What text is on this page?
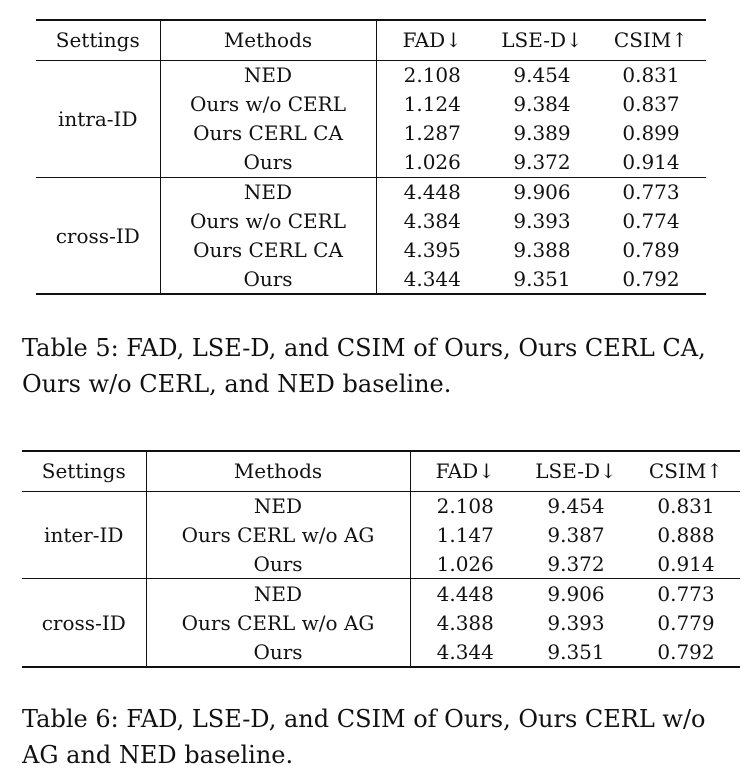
Settings	Methods	FAD↓	LSE-D↓	CSIM↑
intra-ID	NED	2.108	9.454	0.831
	Ours w/o CERL	1.124	9.384	0.837
	Ours CERL CA	1.287	9.389	0.899
	Ours	1.026	9.372	0.914
cross-ID	NED	4.448	9.906	0.773
	Ours w/o CERL	4.384	9.393	0.774
	Ours CERL CA	4.395	9.388	0.789
	Ours	4.344	9.351	0.792
Table 5: FAD, LSE-D, and CSIM of Ours, Ours CERL CA, Ours w/o CERL, and NED baseline.
Settings	Methods	FAD↓	LSE-D↓	CSIM↑
inter-ID	NED	2.108	9.454	0.831
	Ours CERL w/o AG	1.147	9.387	0.888
	Ours	1.026	9.372	0.914
cross-ID	NED	4.448	9.906	0.773
	Ours CERL w/o AG	4.388	9.393	0.779
	Ours	4.344	9.351	0.792
Table 6: FAD, LSE-D, and CSIM of Ours, Ours CERL w/o AG and NED baseline.
